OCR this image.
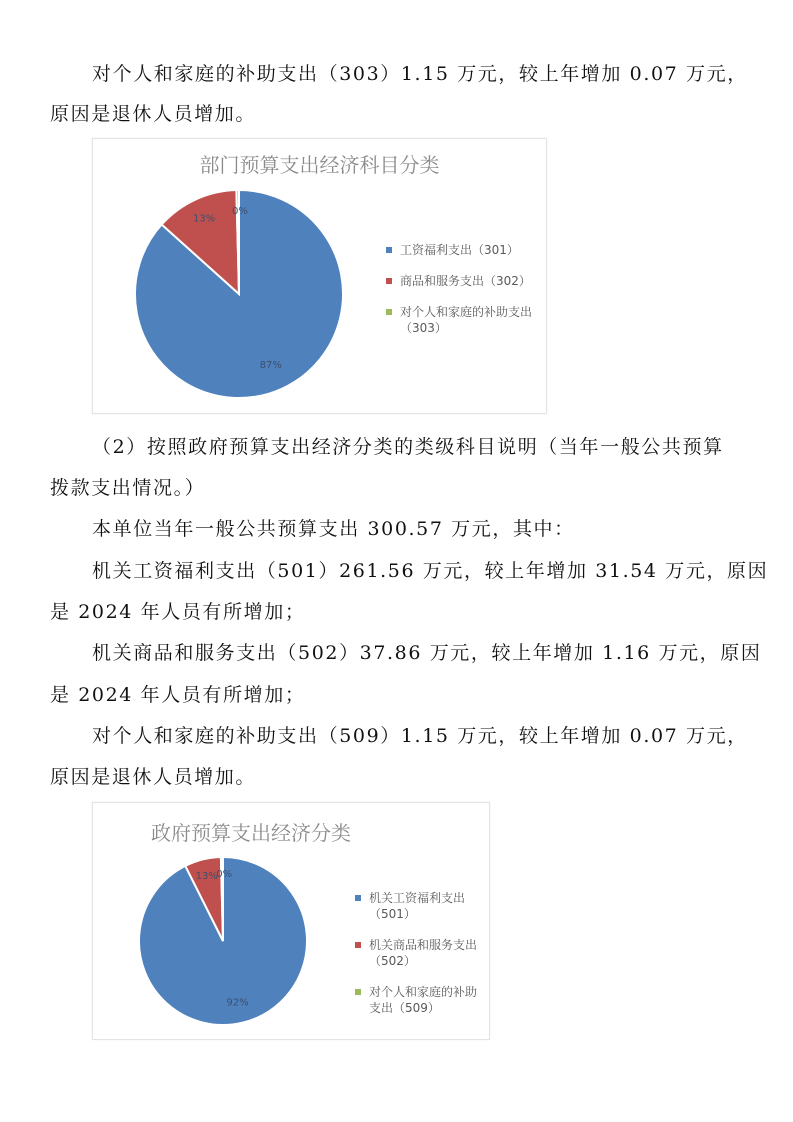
对个人和家庭的补助支出（303）1.15 万元，较上年增加 0.07 万元，
原因是退休人员增加。
部门预算支出经济科目分类
87%
13%
0%
工资福利支出（301）
商品和服务支出（302）
对个人和家庭的补助支出
（303）
（2）按照政府预算支出经济分类的类级科目说明（当年一般公共预算
拨款支出情况。）
本单位当年一般公共预算支出 300.57 万元，其中：
机关工资福利支出（501）261.56 万元，较上年增加 31.54 万元，原因
是 2024 年人员有所增加；
机关商品和服务支出（502）37.86 万元，较上年增加 1.16 万元，原因
是 2024 年人员有所增加；
对个人和家庭的补助支出（509）1.15 万元，较上年增加 0.07 万元，
原因是退休人员增加。
政府预算支出经济分类
92%
13%
0%
机关工资福利支出
（501）
机关商品和服务支出
（502）
对个人和家庭的补助
支出（509）
